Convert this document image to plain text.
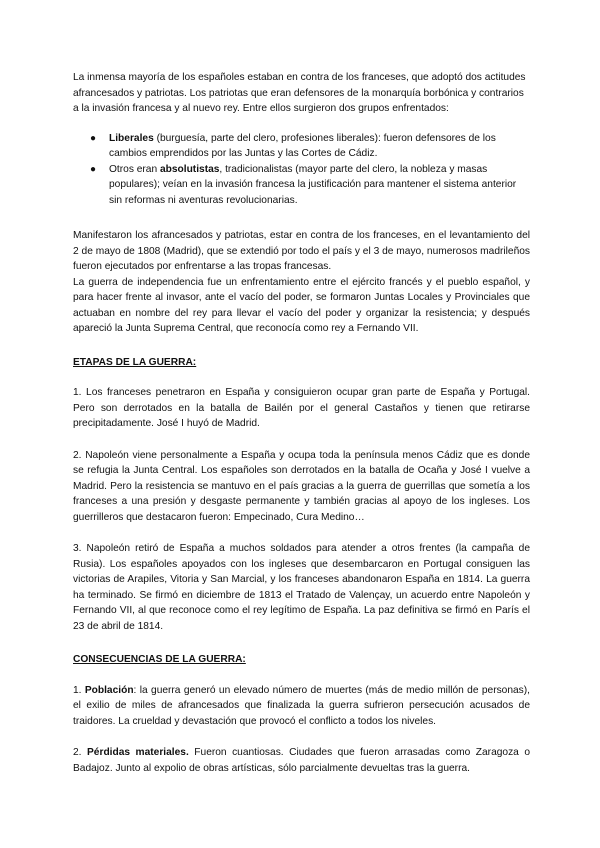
La inmensa mayoría de los españoles estaban en contra de los franceses, que adoptó dos actitudes afrancesados y patriotas. Los patriotas que eran defensores de la monarquía borbónica y contrarios a la invasión francesa y al nuevo rey. Entre ellos surgieron dos grupos enfrentados:

● Liberales (burguesía, parte del clero, profesiones liberales): fueron defensores de los cambios emprendidos por las Juntas y las Cortes de Cádiz.
● Otros eran absolutistas, tradicionalistas (mayor parte del clero, la nobleza y masas populares); veían en la invasión francesa la justificación para mantener el sistema anterior sin reformas ni aventuras revolucionarias.

Manifestaron los afrancesados y patriotas, estar en contra de los franceses, en el levantamiento del 2 de mayo de 1808 (Madrid), que se extendió por todo el país y el 3 de mayo, numerosos madrileños fueron ejecutados por enfrentarse a las tropas francesas.

La guerra de independencia fue un enfrentamiento entre el ejército francés y el pueblo español, y para hacer frente al invasor, ante el vacío del poder, se formaron Juntas Locales y Provinciales que actuaban en nombre del rey para llevar el vacío del poder y organizar la resistencia; y después apareció la Junta Suprema Central, que reconocía como rey a Fernando VII.

ETAPAS DE LA GUERRA:

1. Los franceses penetraron en España y consiguieron ocupar gran parte de España y Portugal. Pero son derrotados en la batalla de Bailén por el general Castaños y tienen que retirarse precipitadamente. José I huyó de Madrid.

2. Napoleón viene personalmente a España y ocupa toda la península menos Cádiz que es donde se refugia la Junta Central. Los españoles son derrotados en la batalla de Ocaña y José I vuelve a Madrid. Pero la resistencia se mantuvo en el país gracias a la guerra de guerrillas que sometía a los franceses a una presión y desgaste permanente y también gracias al apoyo de los ingleses. Los guerrilleros que destacaron fueron: Empecinado, Cura Medino…

3. Napoleón retiró de España a muchos soldados para atender a otros frentes (la campaña de Rusia). Los españoles apoyados con los ingleses que desembarcaron en Portugal consiguen las victorias de Arapiles, Vitoria y San Marcial, y los franceses abandonaron España en 1814. La guerra ha terminado. Se firmó en diciembre de 1813 el Tratado de Valençay, un acuerdo entre Napoleón y Fernando VII, al que reconoce como el rey legítimo de España. La paz definitiva se firmó en París el 23 de abril de 1814.

CONSECUENCIAS DE LA GUERRA:

1. Población: la guerra generó un elevado número de muertes (más de medio millón de personas), el exilio de miles de afrancesados que finalizada la guerra sufrieron persecución acusados de traidores. La crueldad y devastación que provocó el conflicto a todos los niveles.

2. Pérdidas materiales. Fueron cuantiosas. Ciudades que fueron arrasadas como Zaragoza o Badajoz. Junto al expolio de obras artísticas, sólo parcialmente devueltas tras la guerra.
